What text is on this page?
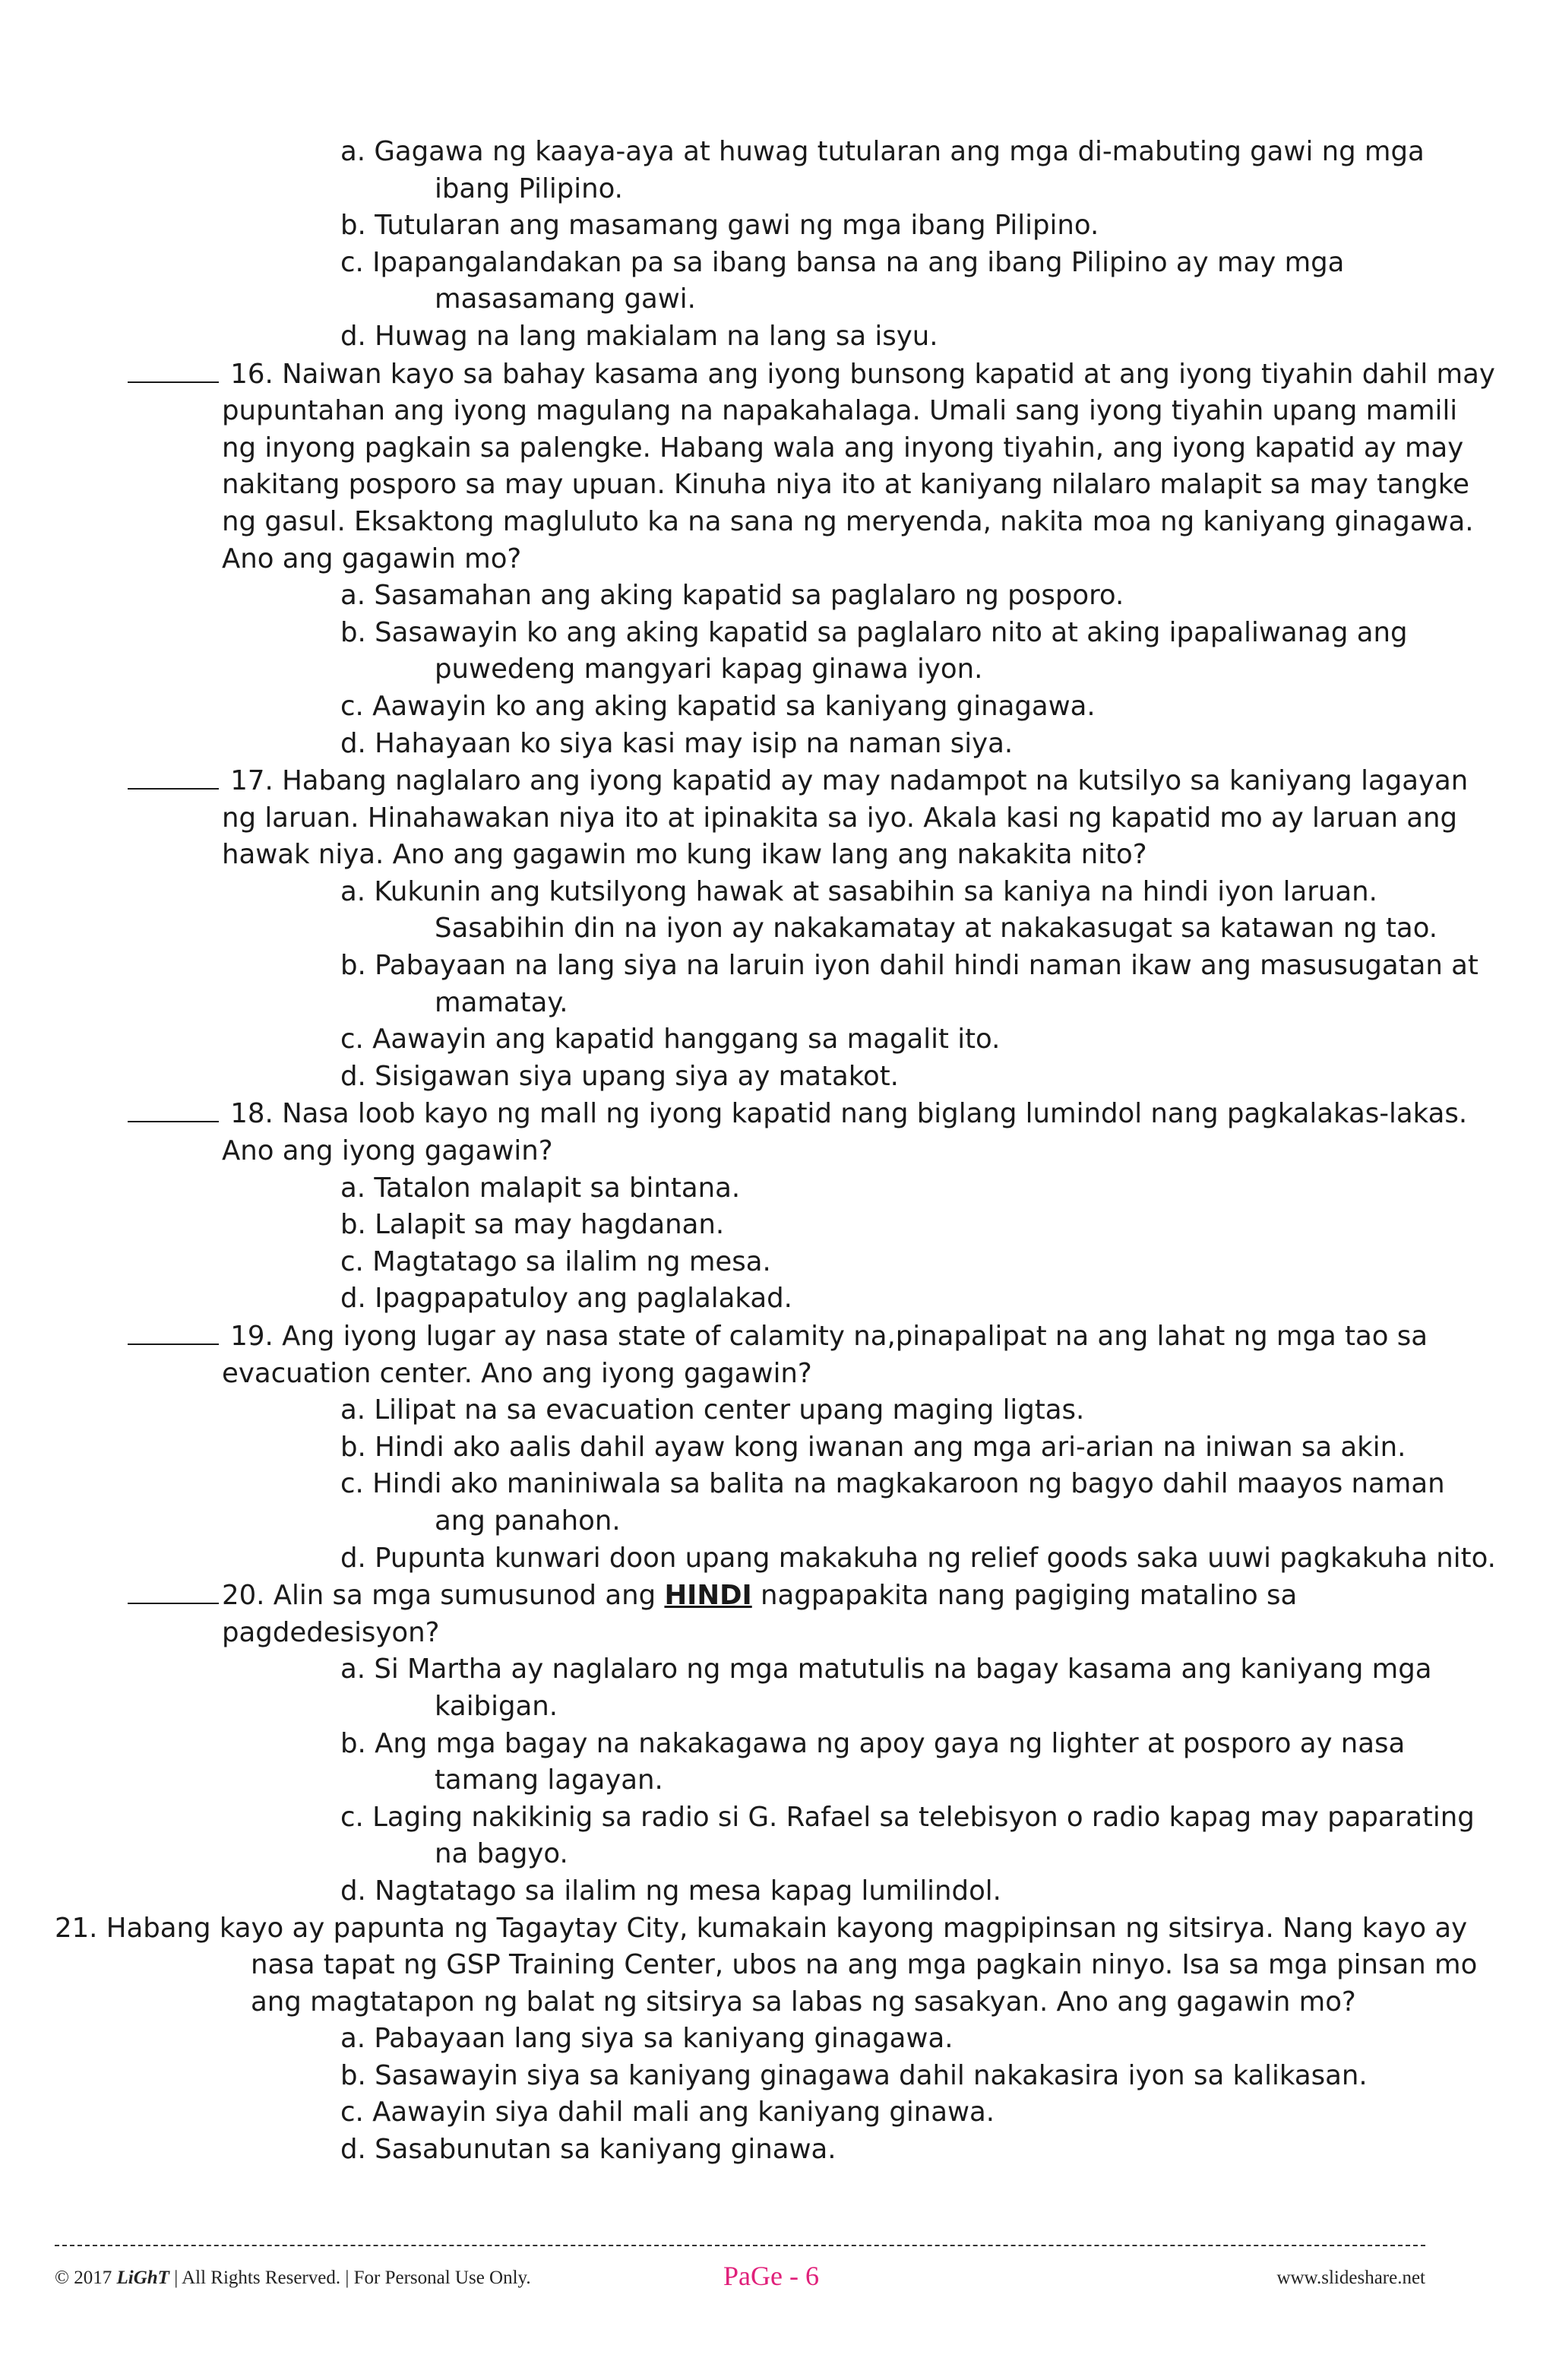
a. Gagawa ng kaaya-aya at huwag tutularan ang mga di-mabuting gawi ng mga ibang Pilipino.
b. Tutularan ang masamang gawi ng mga ibang Pilipino.
c. Ipapangalandakan pa sa ibang bansa na ang ibang Pilipino ay may mga masasamang gawi.
d. Huwag na lang makialam na lang sa isyu.
16. Naiwan kayo sa bahay kasama ang iyong bunsong kapatid at ang iyong tiyahin dahil may pupuntahan ang iyong magulang na napakahalaga. Umali sang iyong tiyahin upang mamili ng inyong pagkain sa palengke. Habang wala ang inyong tiyahin, ang iyong kapatid ay may nakitang posporo sa may upuan. Kinuha niya ito at kaniyang nilalaro malapit sa may tangke ng gasul. Eksaktong magluluto ka na sana ng meryenda, nakita moa ng kaniyang ginagawa. Ano ang gagawin mo?
a. Sasamahan ang aking kapatid sa paglalaro ng posporo.
b. Sasawayin ko ang aking kapatid sa paglalaro nito at aking ipapaliwanag ang puwedeng mangyari kapag ginawa iyon.
c. Aawayin ko ang aking kapatid sa kaniyang ginagawa.
d. Hahayaan ko siya kasi may isip na naman siya.
17. Habang naglalaro ang iyong kapatid ay may nadampot na kutsilyo sa kaniyang lagayan ng laruan. Hinahawakan niya ito at ipinakita sa iyo. Akala kasi ng kapatid mo ay laruan ang hawak niya. Ano ang gagawin mo kung ikaw lang ang nakakita nito?
a. Kukunin ang kutsilyong hawak at sasabihin sa kaniya na hindi iyon laruan. Sasabihin din na iyon ay nakakamatay at nakakasugat sa katawan ng tao.
b. Pabayaan na lang siya na laruin iyon dahil hindi naman ikaw ang masusugatan at mamatay.
c. Aawayin ang kapatid hanggang sa magalit ito.
d. Sisigawan siya upang siya ay matakot.
18. Nasa loob kayo ng mall ng iyong kapatid nang biglang lumindol nang pagkalakas-lakas. Ano ang iyong gagawin?
a. Tatalon malapit sa bintana.
b. Lalapit sa may hagdanan.
c. Magtatago sa ilalim ng mesa.
d. Ipagpapatuloy ang paglalakad.
19. Ang iyong lugar ay nasa state of calamity na,pinapalipat na ang lahat ng mga tao sa evacuation center. Ano ang iyong gagawin?
a. Lilipat na sa evacuation center upang maging ligtas.
b. Hindi ako aalis dahil ayaw kong iwanan ang mga ari-arian na iniwan sa akin.
c. Hindi ako maniniwala sa balita na magkakaroon ng bagyo dahil maayos naman ang panahon.
d. Pupunta kunwari doon upang makakuha ng relief goods saka uuwi pagkakuha nito.
20. Alin sa mga sumusunod ang HINDI nagpapakita nang pagiging matalino sa pagdedesisyon?
a. Si Martha ay naglalaro ng mga matutulis na bagay kasama ang kaniyang mga kaibigan.
b. Ang mga bagay na nakakagawa ng apoy gaya ng lighter at posporo ay nasa tamang lagayan.
c. Laging nakikinig sa radio si G. Rafael sa telebisyon o radio kapag may paparating na bagyo.
d. Nagtatago sa ilalim ng mesa kapag lumilindol.
21. Habang kayo ay papunta ng Tagaytay City, kumakain kayong magpipinsan ng sitsirya. Nang kayo ay nasa tapat ng GSP Training Center, ubos na ang mga pagkain ninyo. Isa sa mga pinsan mo ang magtatapon ng balat ng sitsirya sa labas ng sasakyan. Ano ang gagawin mo?
a. Pabayaan lang siya sa kaniyang ginagawa.
b. Sasawayin siya sa kaniyang ginagawa dahil nakakasira iyon sa kalikasan.
c. Aawayin siya dahil mali ang kaniyang ginawa.
d. Sasabunutan sa kaniyang ginawa.
© 2017 LiGhT | All Rights Reserved. | For Personal Use Only.	PaGe - 6	www.slideshare.net
